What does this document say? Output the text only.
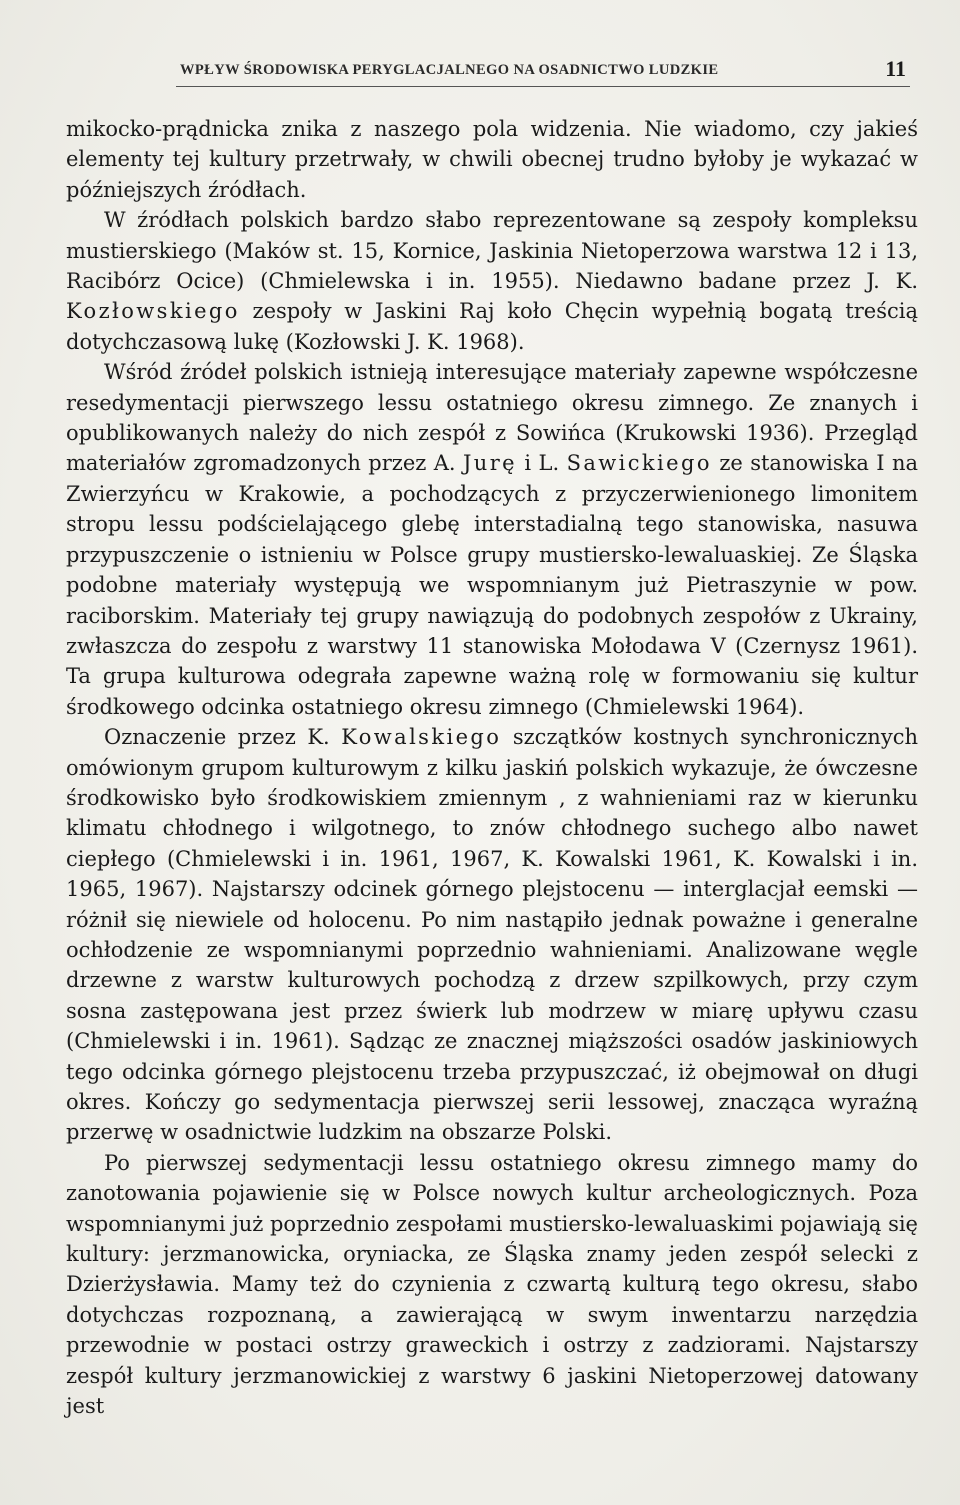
WPŁYW ŚRODOWISKA PERYGLACJALNEGO NA OSADNICTWO LUDZKIE	11

mikocko-prądnicka znika z naszego pola widzenia. Nie wiadomo, czy jakieś elementy tej kultury przetrwały, w chwili obecnej trudno byłoby je wykazać w późniejszych źródłach.

W źródłach polskich bardzo słabo reprezentowane są zespoły kompleksu mustierskiego (Maków st. 15, Kornice, Jaskinia Nietoperzowa warstwa 12 i 13, Racibórz Ocice) (Chmielewska i in. 1955). Niedawno badane przez J. K. Kozłowskiego zespoły w Jaskini Raj koło Chęcin wypełnią bogatą treścią dotychczasową lukę (Kozłowski J. K. 1968).

Wśród źródeł polskich istnieją interesujące materiały zapewne współczesne resedymentacji pierwszego lessu ostatniego okresu zimnego. Ze znanych i opublikowanych należy do nich zespół z Sowińca (Krukowski 1936). Przegląd materiałów zgromadzonych przez A. Jurę i L. Sawickiego ze stanowiska I na Zwierzyńcu w Krakowie, a pochodzących z przyczerwienionego limonitem stropu lessu podścielającego glebę interstadialną tego stanowiska, nasuwa przypuszczenie o istnieniu w Polsce grupy mustiersko-lewaluaskiej. Ze Śląska podobne materiały występują we wspomnianym już Pietraszynie w pow. raciborskim. Materiały tej grupy nawiązują do podobnych zespołów z Ukrainy, zwłaszcza do zespołu z warstwy 11 stanowiska Mołodawa V (Czernysz 1961). Ta grupa kulturowa odegrała zapewne ważną rolę w formowaniu się kultur środkowego odcinka ostatniego okresu zimnego (Chmielewski 1964).

Oznaczenie przez K. Kowalskiego szczątków kostnych synchronicznych omówionym grupom kulturowym z kilku jaskiń polskich wykazuje, że ówczesne środkowisko było środkowiskiem zmiennym , z wahnieniami raz w kierunku klimatu chłodnego i wilgotnego, to znów chłodnego suchego albo nawet ciepłego (Chmielewski i in. 1961, 1967, K. Kowalski 1961, K. Kowalski i in. 1965, 1967). Najstarszy odcinek górnego plejstocenu — interglacjał eemski — różnił się niewiele od holocenu. Po nim nastąpiło jednak poważne i generalne ochłodzenie ze wspomnianymi poprzednio wahnieniami. Analizowane węgle drzewne z warstw kulturowych pochodzą z drzew szpilkowych, przy czym sosna zastępowana jest przez świerk lub modrzew w miarę upływu czasu (Chmielewski i in. 1961). Sądząc ze znacznej miąższości osadów jaskiniowych tego odcinka górnego plejstocenu trzeba przypuszczać, iż obejmował on długi okres. Kończy go sedymentacja pierwszej serii lessowej, znacząca wyraźną przerwę w osadnictwie ludzkim na obszarze Polski.

Po pierwszej sedymentacji lessu ostatniego okresu zimnego mamy do zanotowania pojawienie się w Polsce nowych kultur archeologicznych. Poza wspomnianymi już poprzednio zespołami mustiersko-lewaluaskimi pojawiają się kultury: jerzmanowicka, oryniacka, ze Śląska znamy jeden zespół selecki z Dzierżysławia. Mamy też do czynienia z czwartą kulturą tego okresu, słabo dotychczas rozpoznaną, a zawierającą w swym inwentarzu narzędzia przewodnie w postaci ostrzy graweckich i ostrzy z zadziorami. Najstarszy zespół kultury jerzmanowickiej z warstwy 6 jaskini Nietoperzowej datowany jest
